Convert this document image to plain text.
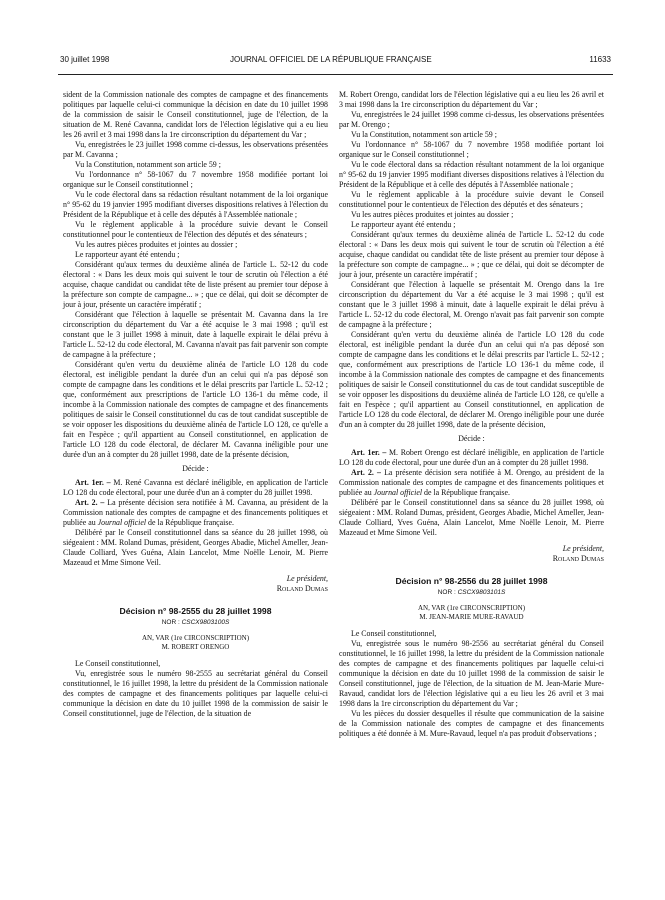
30 juillet 1998	JOURNAL OFFICIEL DE LA RÉPUBLIQUE FRANÇAISE	11633

sident de la Commission nationale des comptes de campagne et des financements politiques par laquelle celui-ci communique la décision en date du 10 juillet 1998 de la commission de saisir le Conseil constitutionnel, juge de l'élection, de la situation de M. René Cavanna, candidat lors de l'élection législative qui a eu lieu les 26 avril et 3 mai 1998 dans la 1re circonscription du département du Var ;

Vu, enregistrées le 23 juillet 1998 comme ci-dessus, les observations présentées par M. Cavanna ;

Vu la Constitution, notamment son article 59 ;

Vu l'ordonnance n° 58-1067 du 7 novembre 1958 modifiée portant loi organique sur le Conseil constitutionnel ;

Vu le code électoral dans sa rédaction résultant notamment de la loi organique n° 95-62 du 19 janvier 1995 modifiant diverses dispositions relatives à l'élection du Président de la République et à celle des députés à l'Assemblée nationale ;

Vu le règlement applicable à la procédure suivie devant le Conseil constitutionnel pour le contentieux de l'élection des députés et des sénateurs ;

Vu les autres pièces produites et jointes au dossier ;

Le rapporteur ayant été entendu ;

Considérant qu'aux termes du deuxième alinéa de l'article L. 52-12 du code électoral : « Dans les deux mois qui suivent le tour de scrutin où l'élection a été acquise, chaque candidat ou candidat tête de liste présent au premier tour dépose à la préfecture son compte de campagne... » ; que ce délai, qui doit se décompter de jour à jour, présente un caractère impératif ;

Considérant que l'élection à laquelle se présentait M. Cavanna dans la 1re circonscription du département du Var a été acquise le 3 mai 1998 ; qu'il est constant que le 3 juillet 1998 à minuit, date à laquelle expirait le délai prévu à l'article L. 52-12 du code électoral, M. Cavanna n'avait pas fait parvenir son compte de campagne à la préfecture ;

Considérant qu'en vertu du deuxième alinéa de l'article LO 128 du code électoral, est inéligible pendant la durée d'un an celui qui n'a pas déposé son compte de campagne dans les conditions et le délai prescrits par l'article L. 52-12 ; que, conformément aux prescriptions de l'article LO 136-1 du même code, il incombe à la Commission nationale des comptes de campagne et des financements politiques de saisir le Conseil constitutionnel du cas de tout candidat susceptible de se voir opposer les dispositions du deuxième alinéa de l'article LO 128, ce qu'elle a fait en l'espèce ; qu'il appartient au Conseil constitutionnel, en application de l'article LO 128 du code électoral, de déclarer M. Cavanna inéligible pour une durée d'un an à compter du 28 juillet 1998, date de la présente décision,

Décide :

Art. 1er. – M. René Cavanna est déclaré inéligible, en application de l'article LO 128 du code électoral, pour une durée d'un an à compter du 28 juillet 1998.

Art. 2. – La présente décision sera notifiée à M. Cavanna, au président de la Commission nationale des comptes de campagne et des financements politiques et publiée au Journal officiel de la République française.

Délibéré par le Conseil constitutionnel dans sa séance du 28 juillet 1998, où siégeaient : MM. Roland Dumas, président, Georges Abadie, Michel Ameller, Jean-Claude Colliard, Yves Guéna, Alain Lancelot, Mme Noëlle Lenoir, M. Pierre Mazeaud et Mme Simone Veil.

Le président,

Roland Dumas

Décision n° 98-2555 du 28 juillet 1998

NOR : CSCX9803100S

AN, VAR (1re CIRCONSCRIPTION)
M. ROBERT ORENGO

Le Conseil constitutionnel,

Vu, enregistrée sous le numéro 98-2555 au secrétariat général du Conseil constitutionnel, le 16 juillet 1998, la lettre du président de la Commission nationale des comptes de campagne et des financements politiques par laquelle celui-ci communique la décision en date du 10 juillet 1998 de la commission de saisir le Conseil constitutionnel, juge de l'élection, de la situation de

M. Robert Orengo, candidat lors de l'élection législative qui a eu lieu les 26 avril et 3 mai 1998 dans la 1re circonscription du département du Var ;

Vu, enregistrées le 24 juillet 1998 comme ci-dessus, les observations présentées par M. Orengo ;

Vu la Constitution, notamment son article 59 ;

Vu l'ordonnance n° 58-1067 du 7 novembre 1958 modifiée portant loi organique sur le Conseil constitutionnel ;

Vu le code électoral dans sa rédaction résultant notamment de la loi organique n° 95-62 du 19 janvier 1995 modifiant diverses dispositions relatives à l'élection du Président de la République et à celle des députés à l'Assemblée nationale ;

Vu le règlement applicable à la procédure suivie devant le Conseil constitutionnel pour le contentieux de l'élection des députés et des sénateurs ;

Vu les autres pièces produites et jointes au dossier ;

Le rapporteur ayant été entendu ;

Considérant qu'aux termes du deuxième alinéa de l'article L. 52-12 du code électoral : « Dans les deux mois qui suivent le tour de scrutin où l'élection a été acquise, chaque candidat ou candidat tête de liste présent au premier tour dépose à la préfecture son compte de campagne... » ; que ce délai, qui doit se décompter de jour à jour, présente un caractère impératif ;

Considérant que l'élection à laquelle se présentait M. Orengo dans la 1re circonscription du département du Var a été acquise le 3 mai 1998 ; qu'il est constant que le 3 juillet 1998 à minuit, date à laquelle expirait le délai prévu à l'article L. 52-12 du code électoral, M. Orengo n'avait pas fait parvenir son compte de campagne à la préfecture ;

Considérant qu'en vertu du deuxième alinéa de l'article LO 128 du code électoral, est inéligible pendant la durée d'un an celui qui n'a pas déposé son compte de campagne dans les conditions et le délai prescrits par l'article L. 52-12 ; que, conformément aux prescriptions de l'article LO 136-1 du même code, il incombe à la Commission nationale des comptes de campagne et des financements politiques de saisir le Conseil constitutionnel du cas de tout candidat susceptible de se voir opposer les dispositions du deuxième alinéa de l'article LO 128, ce qu'elle a fait en l'espèce ; qu'il appartient au Conseil constitutionnel, en application de l'article LO 128 du code électoral, de déclarer M. Orengo inéligible pour une durée d'un an à compter du 28 juillet 1998, date de la présente décision,

Décide :

Art. 1er. – M. Robert Orengo est déclaré inéligible, en application de l'article LO 128 du code électoral, pour une durée d'un an à compter du 28 juillet 1998.

Art. 2. – La présente décision sera notifiée à M. Orengo, au président de la Commission nationale des comptes de campagne et des financements politiques et publiée au Journal officiel de la République française.

Délibéré par le Conseil constitutionnel dans sa séance du 28 juillet 1998, où siégeaient : MM. Roland Dumas, président, Georges Abadie, Michel Ameller, Jean-Claude Colliard, Yves Guéna, Alain Lancelot, Mme Noëlle Lenoir, M. Pierre Mazeaud et Mme Simone Veil.

Le président,

Roland Dumas

Décision n° 98-2556 du 28 juillet 1998

NOR : CSCX9803101S

AN, VAR (1re CIRCONSCRIPTION)
M. JEAN-MARIE MURE-RAVAUD

Le Conseil constitutionnel,

Vu, enregistrée sous le numéro 98-2556 au secrétariat général du Conseil constitutionnel, le 16 juillet 1998, la lettre du président de la Commission nationale des comptes de campagne et des financements politiques par laquelle celui-ci communique la décision en date du 10 juillet 1998 de la commission de saisir le Conseil constitutionnel, juge de l'élection, de la situation de M. Jean-Marie Mure-Ravaud, candidat lors de l'élection législative qui a eu lieu les 26 avril et 3 mai 1998 dans la 1re circonscription du département du Var ;

Vu les pièces du dossier desquelles il résulte que communication de la saisine de la Commission nationale des comptes de campagne et des financements politiques a été donnée à M. Mure-Ravaud, lequel n'a pas produit d'observations ;
